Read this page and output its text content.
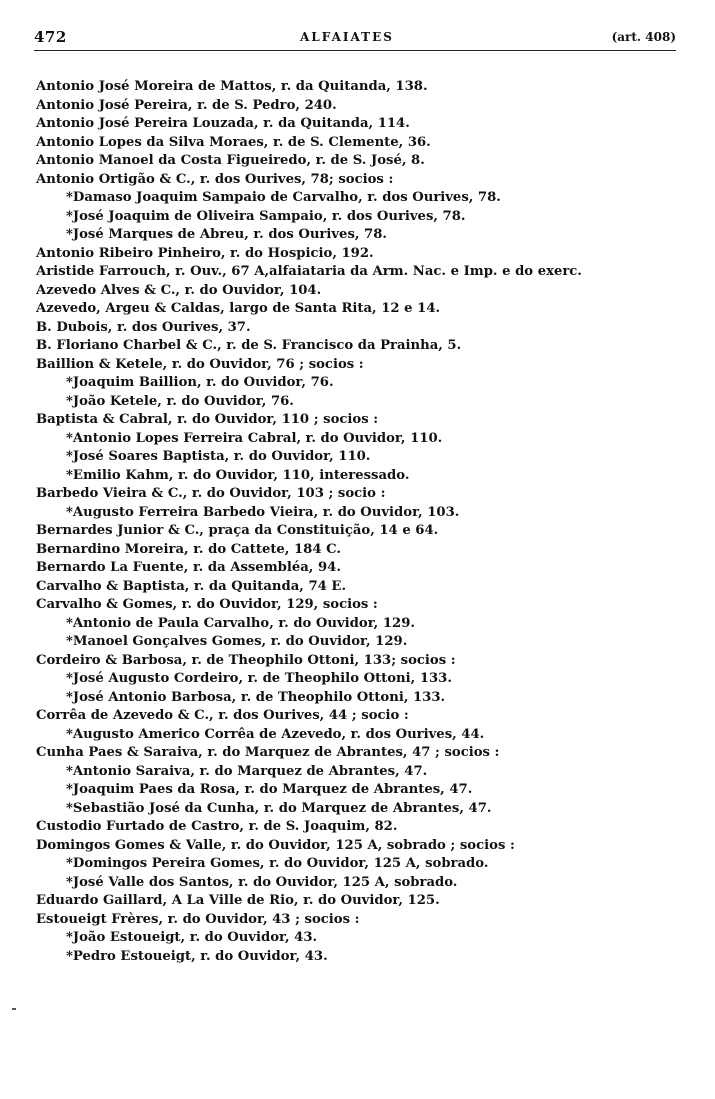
472	ALFAIATES	(art. 408)
Antonio José Moreira de Mattos, r. da Quitanda, 138.
Antonio José Pereira, r. de S. Pedro, 240.
Antonio José Pereira Louzada, r. da Quitanda, 114.
Antonio Lopes da Silva Moraes, r. de S. Clemente, 36.
Antonio Manoel da Costa Figueiredo, r. de S. José, 8.
Antonio Ortigão & C., r. dos Ourives, 78; socios :
*Damaso Joaquim Sampaio de Carvalho, r. dos Ourives, 78.
*José Joaquim de Oliveira Sampaio, r. dos Ourives, 78.
*José Marques de Abreu, r. dos Ourives, 78.
Antonio Ribeiro Pinheiro, r. do Hospicio, 192.
Aristide Farrouch, r. Ouv., 67 A,alfaiataria da Arm. Nac. e Imp. e do exerc.
Azevedo Alves & C., r. do Ouvidor, 104.
Azevedo, Argeu & Caldas, largo de Santa Rita, 12 e 14.
B. Dubois, r. dos Ourives, 37.
B. Floriano Charbel & C., r. de S. Francisco da Prainha, 5.
Baillion & Ketele, r. do Ouvidor, 76 ; socios :
*Joaquim Baillion, r. do Ouvidor, 76.
*João Ketele, r. do Ouvidor, 76.
Baptista & Cabral, r. do Ouvidor, 110 ; socios :
*Antonio Lopes Ferreira Cabral, r. do Ouvidor, 110.
*José Soares Baptista, r. do Ouvidor, 110.
*Emilio Kahm, r. do Ouvidor, 110, interessado.
Barbedo Vieira & C., r. do Ouvidor, 103 ; socio :
*Augusto Ferreira Barbedo Vieira, r. do Ouvidor, 103.
Bernardes Junior & C., praça da Constituição, 14 e 64.
Bernardino Moreira, r. do Cattete, 184 C.
Bernardo La Fuente, r. da Assembléa, 94.
Carvalho & Baptista, r. da Quitanda, 74 E.
Carvalho & Gomes, r. do Ouvidor, 129, socios :
*Antonio de Paula Carvalho, r. do Ouvidor, 129.
*Manoel Gonçalves Gomes, r. do Ouvidor, 129.
Cordeiro & Barbosa, r. de Theophilo Ottoni, 133; socios :
*José Augusto Cordeiro, r. de Theophilo Ottoni, 133.
*José Antonio Barbosa, r. de Theophilo Ottoni, 133.
Corrêa de Azevedo & C., r. dos Ourives, 44 ; socio :
*Augusto Americo Corrêa de Azevedo, r. dos Ourives, 44.
Cunha Paes & Saraiva, r. do Marquez de Abrantes, 47 ; socios :
*Antonio Saraiva, r. do Marquez de Abrantes, 47.
*Joaquim Paes da Rosa, r. do Marquez de Abrantes, 47.
*Sebastião José da Cunha, r. do Marquez de Abrantes, 47.
Custodio Furtado de Castro, r. de S. Joaquim, 82.
Domingos Gomes & Valle, r. do Ouvidor, 125 A, sobrado ; socios :
*Domingos Pereira Gomes, r. do Ouvidor, 125 A, sobrado.
*José Valle dos Santos, r. do Ouvidor, 125 A, sobrado.
Eduardo Gaillard, A La Ville de Rio, r. do Ouvidor, 125.
Estoueigt Frères, r. do Ouvidor, 43 ; socios :
*João Estoueigt, r. do Ouvidor, 43.
*Pedro Estoueigt, r. do Ouvidor, 43.
